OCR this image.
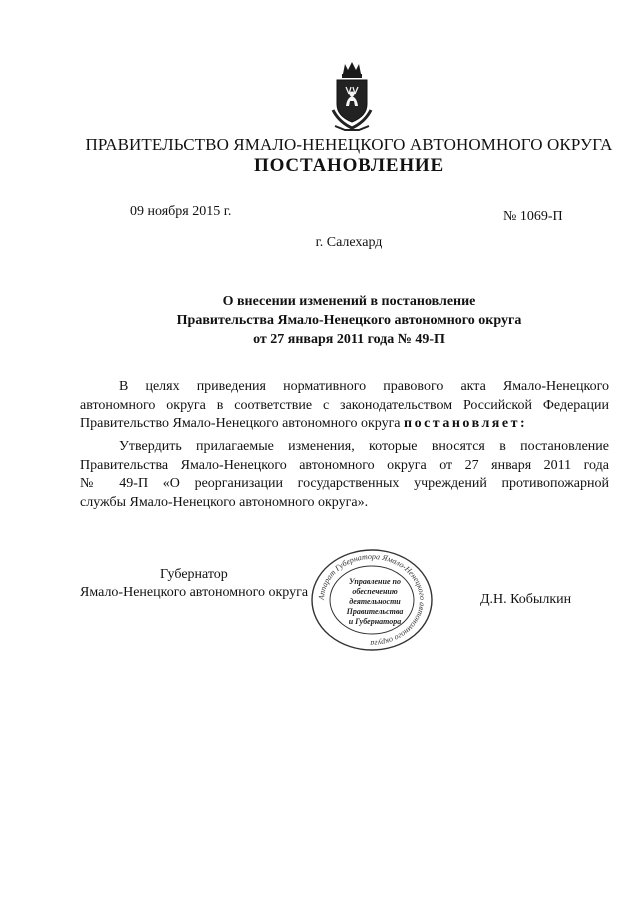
ПРАВИТЕЛЬСТВО ЯМАЛО-НЕНЕЦКОГО АВТОНОМНОГО ОКРУГА
ПОСТАНОВЛЕНИЕ
09 ноября 2015 г.	№ 1069-П
г. Салехард
О внесении изменений в постановление
Правительства Ямало-Ненецкого автономного округа
от 27 января 2011 года № 49-П
В целях приведения нормативного правового акта Ямало-Ненецкого
автономного округа в соответствие с законодательством Российской Федерации
Правительство Ямало-Ненецкого автономного округа постановляет:
Утвердить прилагаемые изменения, которые вносятся в постановление
Правительства Ямало-Ненецкого автономного округа от 27 января 2011 года
№ 49-П «О реорганизации государственных учреждений противопожарной
службы Ямало-Ненецкого автономного округа».
Губернатор
Ямало-Ненецкого автономного округа	Д.Н. Кобылкин
Аппарат Губернатора Ямало-Ненецкого автономного округа
Управление по
обеспечению
деятельности
Правительства
и Губернатора
